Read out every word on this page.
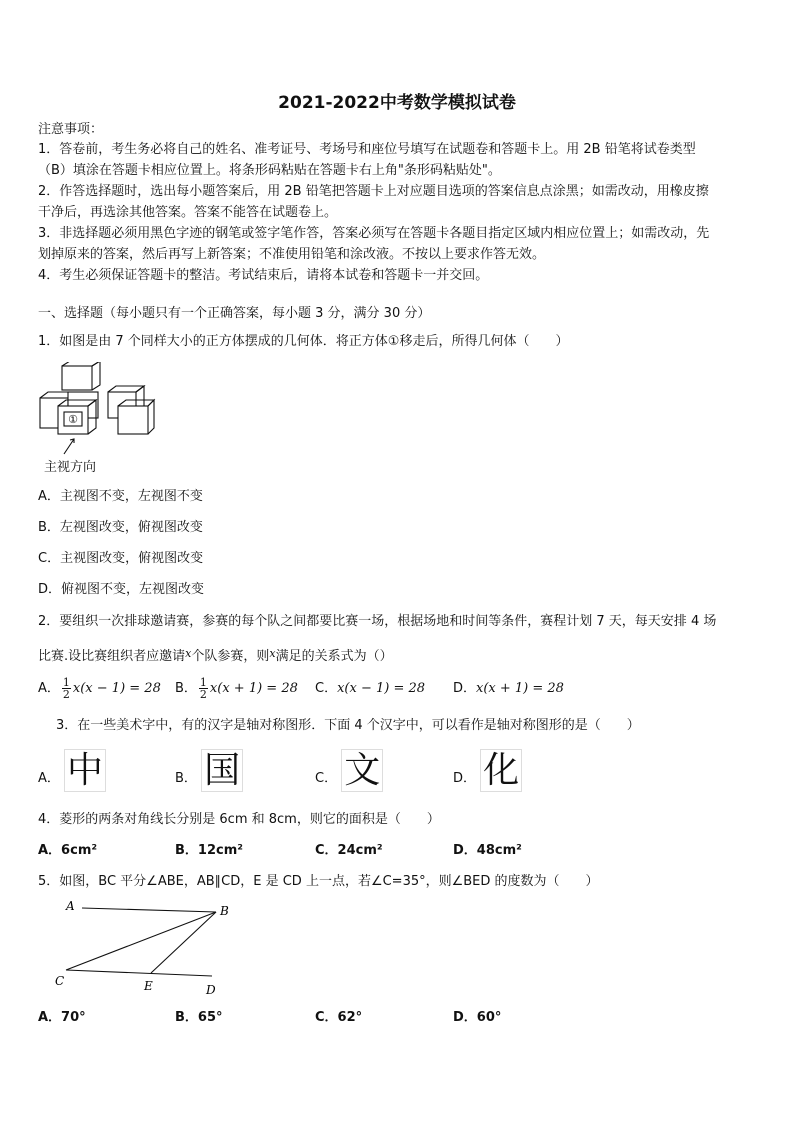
2021-2022中考数学模拟试卷
注意事项：
1．答卷前，考生务必将自己的姓名、准考证号、考场号和座位号填写在试题卷和答题卡上。用 2B 铅笔将试卷类型
（B）填涂在答题卡相应位置上。将条形码粘贴在答题卡右上角"条形码粘贴处"。
2．作答选择题时，选出每小题答案后，用 2B 铅笔把答题卡上对应题目选项的答案信息点涂黑；如需改动，用橡皮擦
干净后，再选涂其他答案。答案不能答在试题卷上。
3．非选择题必须用黑色字迹的钢笔或签字笔作答，答案必须写在答题卡各题目指定区域内相应位置上；如需改动，先
划掉原来的答案，然后再写上新答案；不准使用铅笔和涂改液。不按以上要求作答无效。
4．考生必须保证答题卡的整洁。考试结束后，请将本试卷和答题卡一并交回。
一、选择题（每小题只有一个正确答案，每小题 3 分，满分 30 分）
1．如图是由 7 个同样大小的正方体摆成的几何体．将正方体①移走后，所得几何体（　　）
①
主视方向
A．主视图不变，左视图不变
B．左视图改变，俯视图改变
C．主视图改变，俯视图改变
D．俯视图不变，左视图改变
2．要组织一次排球邀请赛，参赛的每个队之间都要比赛一场，根据场地和时间等条件，赛程计划 7 天，每天安排 4 场
比赛.设比赛组织者应邀请$^x$个队参赛，则$^x$满足的关系式为（）
A． $\frac{1}{2} x(x - 1) = 28$ B． $\frac{1}{2} x(x + 1) = 28$ C．x(x − 1) = 28 D．x(x + 1) = 28
3．在一些美术字中，有的汉字是轴对称图形．下面 4 个汉字中，可以看作是轴对称图形的是（　　）
A． 中	B． 国	C． 文	D． 化
4．菱形的两条对角线长分别是 6cm 和 8cm，则它的面积是（　　）
A．6cm²	B．12cm²	C．24cm²	D．48cm²
5．如图，BC 平分∠ABE，AB∥CD，E 是 CD 上一点，若∠C=35°，则∠BED 的度数为（　　）
A	B
C	E	D
A．70°	B．65°	C．62°	D．60°
